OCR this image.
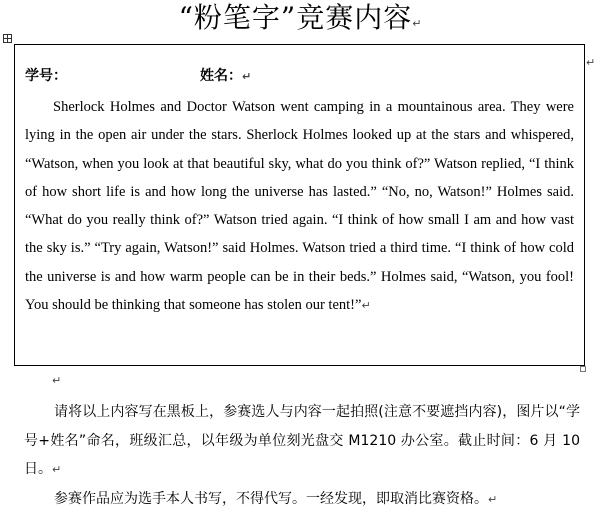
“粉笔字”竞赛内容↵
学号：	姓名：↵
Sherlock Holmes and Doctor Watson went camping in a mountainous area. They were lying in the open air under the stars. Sherlock Holmes looked up at the stars and whispered, “Watson, when you look at that beautiful sky, what do you think of?” Watson replied, “I think of how short life is and how long the universe has lasted.” “No, no, Watson!” Holmes said. “What do you really think of?” Watson tried again. “I think of how small I am and how vast the sky is.” “Try again, Watson!” said Holmes. Watson tried a third time. “I think of how cold the universe is and how warm people can be in their beds.” Holmes said, “Watson, you fool! You should be thinking that someone has stolen our tent!”↵
↵
↵

请将以上内容写在黑板上，参赛选人与内容一起拍照(注意不要遮挡内容)，图片以“学号+姓名”命名，班级汇总，以年级为单位刻光盘交 M1210 办公室。截止时间：6 月 10 日。↵

参赛作品应为选手本人书写，不得代写。一经发现，即取消比赛资格。↵
